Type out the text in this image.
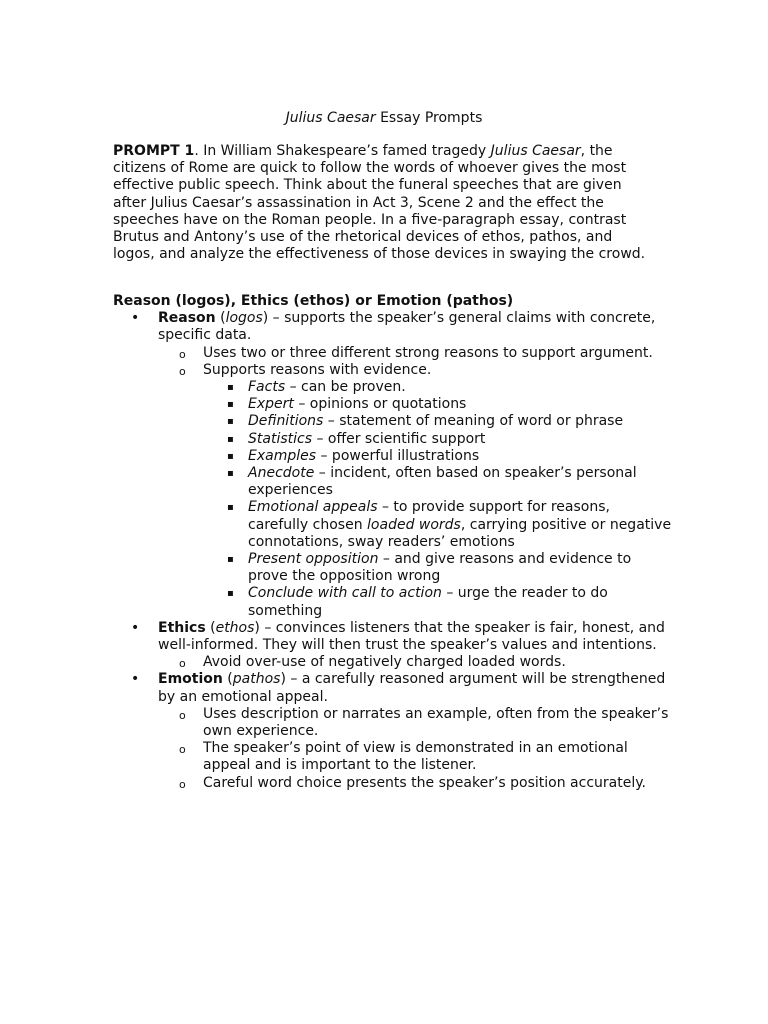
Julius Caesar Essay Prompts
PROMPT 1. In William Shakespeare’s famed tragedy Julius Caesar, the citizens of Rome are quick to follow the words of whoever gives the most effective public speech. Think about the funeral speeches that are given after Julius Caesar’s assassination in Act 3, Scene 2 and the effect the speeches have on the Roman people. In a five-paragraph essay, contrast Brutus and Antony’s use of the rhetorical devices of ethos, pathos, and logos, and analyze the effectiveness of those devices in swaying the crowd.
Reason (logos), Ethics (ethos) or Emotion (pathos)
• Reason (logos) – supports the speaker’s general claims with concrete, specific data.
o Uses two or three different strong reasons to support argument.
o Supports reasons with evidence.
▪ Facts – can be proven.
▪ Expert – opinions or quotations
▪ Definitions – statement of meaning of word or phrase
▪ Statistics – offer scientific support
▪ Examples – powerful illustrations
▪ Anecdote – incident, often based on speaker’s personal experiences
▪ Emotional appeals – to provide support for reasons, carefully chosen loaded words, carrying positive or negative connotations, sway readers’ emotions
▪ Present opposition – and give reasons and evidence to prove the opposition wrong
▪ Conclude with call to action – urge the reader to do something
• Ethics (ethos) – convinces listeners that the speaker is fair, honest, and well-informed. They will then trust the speaker’s values and intentions.
o Avoid over-use of negatively charged loaded words.
• Emotion (pathos) – a carefully reasoned argument will be strengthened by an emotional appeal.
o Uses description or narrates an example, often from the speaker’s own experience.
o The speaker’s point of view is demonstrated in an emotional appeal and is important to the listener.
o Careful word choice presents the speaker’s position accurately.
